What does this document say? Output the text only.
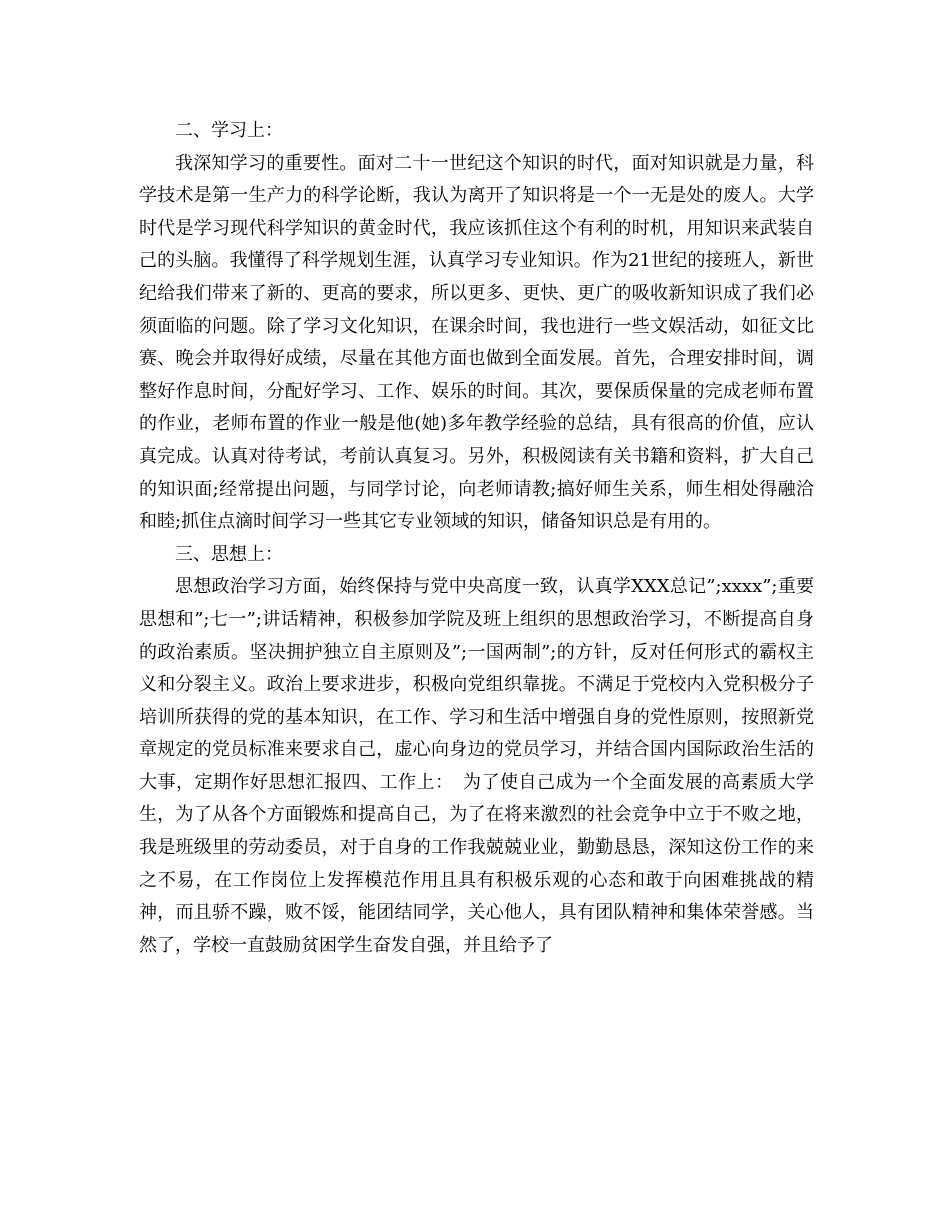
二、学习上：

我深知学习的重要性。面对二十一世纪这个知识的时代，面对知识就是力量，科学技术是第一生产力的科学论断，我认为离开了知识将是一个一无是处的废人。大学时代是学习现代科学知识的黄金时代，我应该抓住这个有利的时机，用知识来武装自己的头脑。我懂得了科学规划生涯，认真学习专业知识。作为21世纪的接班人，新世纪给我们带来了新的、更高的要求，所以更多、更快、更广的吸收新知识成了我们必须面临的问题。除了学习文化知识，在课余时间，我也进行一些文娱活动，如征文比赛、晚会并取得好成绩，尽量在其他方面也做到全面发展。首先，合理安排时间，调整好作息时间，分配好学习、工作、娱乐的时间。其次，要保质保量的完成老师布置的作业，老师布置的作业一般是他(她)多年教学经验的总结，具有很高的价值，应认真完成。认真对待考试，考前认真复习。另外，积极阅读有关书籍和资料，扩大自己的知识面;经常提出问题，与同学讨论，向老师请教;搞好师生关系，师生相处得融洽和睦;抓住点滴时间学习一些其它专业领域的知识，储备知识总是有用的。

三、思想上：

思想政治学习方面，始终保持与党中央高度一致，认真学XXX总记”;xxxx”;重要思想和”;七一”;讲话精神，积极参加学院及班上组织的思想政治学习，不断提高自身的政治素质。坚决拥护独立自主原则及”;一国两制”;的方针，反对任何形式的霸权主义和分裂主义。政治上要求进步，积极向党组织靠拢。不满足于党校内入党积极分子培训所获得的党的基本知识，在工作、学习和生活中增强自身的党性原则，按照新党章规定的党员标准来要求自己，虚心向身边的党员学习，并结合国内国际政治生活的大事，定期作好思想汇报四、工作上：　为了使自己成为一个全面发展的高素质大学生，为了从各个方面锻炼和提高自己，为了在将来激烈的社会竞争中立于不败之地，我是班级里的劳动委员，对于自身的工作我兢兢业业，勤勤恳恳，深知这份工作的来之不易，在工作岗位上发挥模范作用且具有积极乐观的心态和敢于向困难挑战的精神，而且骄不躁，败不馁，能团结同学，关心他人，具有团队精神和集体荣誉感。当然了，学校一直鼓励贫困学生奋发自强，并且给予了
